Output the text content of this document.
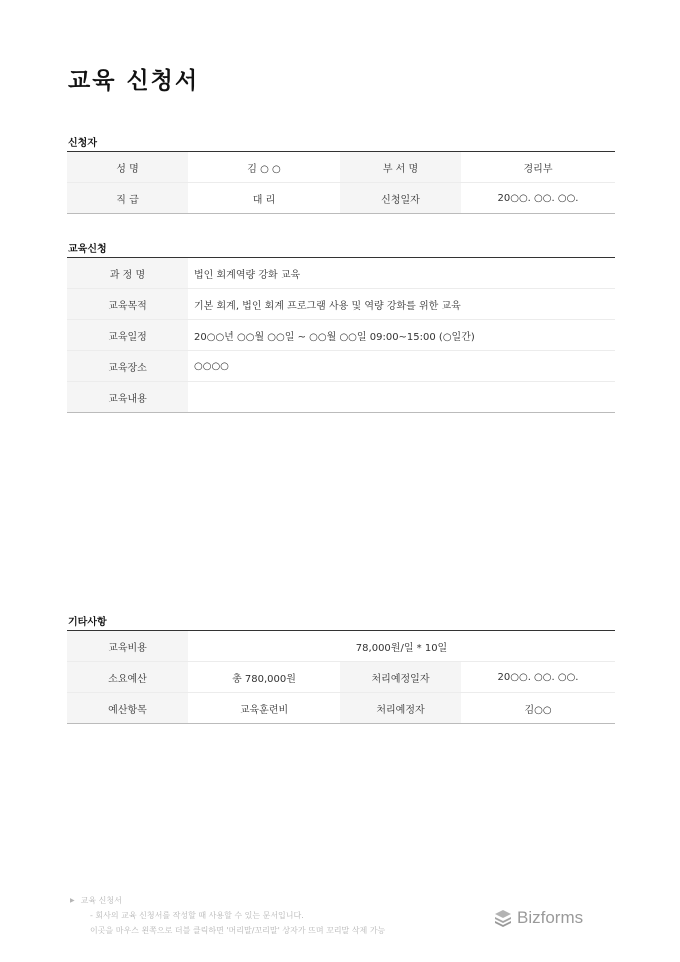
교육 신청서
신청자
성 명	김 ○ ○	부 서 명	경리부
직 급	대 리	신청일자	20○○. ○○. ○○.
교육신청
과 정 명	법인 회계역량 강화 교육
교육목적	기본 회계, 법인 회계 프로그램 사용 및 역량 강화를 위한 교육
교육일정	20○○년 ○○월 ○○일 ~ ○○월 ○○일 09:00~15:00 (○일간)
교육장소	○○○○
교육내용	
기타사항
교육비용	78,000원/일 * 10일		
소요예산	총 780,000원	처리예정일자	20○○. ○○. ○○.
예산항목	교육훈련비	처리예정자	김○○
▶ 교육 신청서
- 회사의 교육 신청서를 작성할 때 사용할 수 있는 문서입니다.
이곳을 마우스 왼쪽으로 더블 클릭하면 '머리말/꼬리말' 상자가 뜨며 꼬리말 삭제 가능
Bizforms
